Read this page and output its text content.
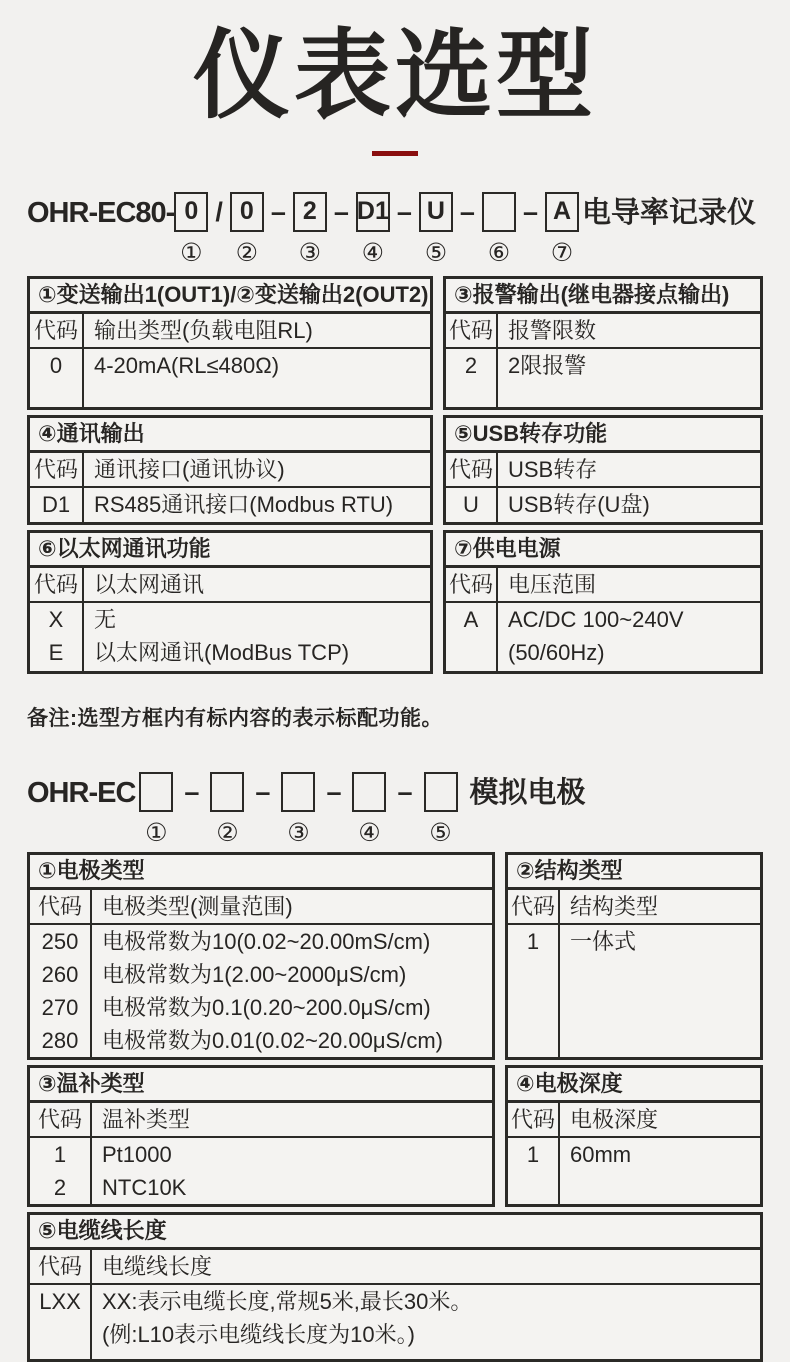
仪表选型
OHR-EC80- 0
①
/ 0
②
– 2
③
– D1
④
– U
⑤
–
⑥
– A
⑦
电导率记录仪
①变送输出1(OUT1)/②变送输出2(OUT2)
代码 输出类型(负载电阻RL)
0 4-20mA(RL≤480Ω)
③报警输出(继电器接点输出)
代码 报警限数
2 2限报警
④通讯输出
代码 通讯接口(通讯协议)
D1 RS485通讯接口(Modbus RTU)
⑤USB转存功能
代码 USB转存
U USB转存(U盘)
⑥以太网通讯功能
代码 以太网通讯
X
E
无
以太网通讯(ModBus TCP)
⑦供电电源
代码 电压范围
A AC/DC 100~240V
(50/60Hz)
备注:选型方框内有标内容的表示标配功能。
OHR-EC
①
–
②
–
③
–
④
–
⑤
模拟电极
①电极类型
代码 电极类型(测量范围)
250
260
270
280
电极常数为10(0.02~20.00mS/cm)
电极常数为1(2.00~2000μS/cm)
电极常数为0.1(0.20~200.0μS/cm)
电极常数为0.01(0.02~20.00μS/cm)
②结构类型
代码 结构类型
1 一体式
③温补类型
代码 温补类型
1
2
Pt1000
NTC10K
④电极深度
代码 电极深度
1 60mm
⑤电缆线长度
代码 电缆线长度
LXX XX:表示电缆长度,常规5米,最长30米。
(例:L10表示电缆线长度为10米。)
